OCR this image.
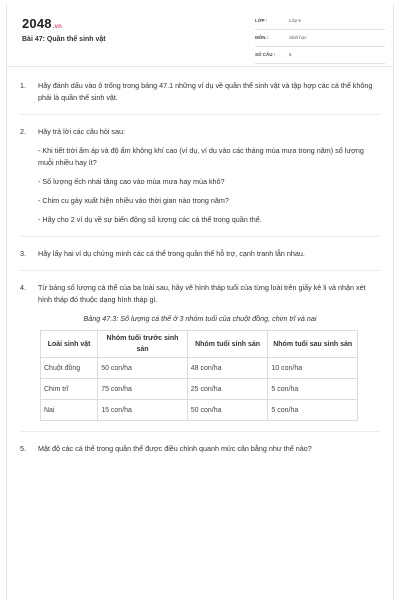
2048.vn
Bài 47: Quần thể sinh vật
LỚP :	Lớp 9
MÔN :	Sinh học
SỐ CÂU :	5
1. Hãy đánh dấu vào ô trống trong bảng 47.1 những ví dụ về quần thể sinh vật và tập hợp các cá thể không phải là quần thể sinh vật.
2. Hãy trả lời các câu hỏi sau:
- Khi tiết trời ấm áp và độ ẩm không khí cao (ví dụ, ví dụ vào các tháng mùa mưa trong năm) số lượng muỗi nhiều hay ít?
- Số lượng ếch nhái tăng cao vào mùa mưa hay mùa khô?
- Chim cu gáy xuất hiện nhiều vào thời gian nào trong năm?
- Hãy cho 2 ví dụ về sự biến động số lượng các cá thể trong quần thể.
3. Hãy lấy hai ví dụ chứng minh các cá thể trong quần thể hỗ trợ, cạnh tranh lẫn nhau.
4. Từ bảng số lượng cá thể của ba loài sau, hãy vẽ hình tháp tuổi của từng loài trên giấy kẻ li và nhận xét hình tháp đó thuộc dạng hình tháp gì.
Bảng 47.3: Số lượng cá thể ở 3 nhóm tuổi của chuột đồng, chim trĩ và nai
Loài sinh vật	Nhóm tuổi trước sinh sản	Nhóm tuổi sinh sản	Nhóm tuổi sau sinh sản
Chuột đồng	50 con/ha	48 con/ha	10 con/ha
Chim trĩ	75 con/ha	25 con/ha	5 con/ha
Nai	15 con/ha	50 con/ha	5 con/ha
5. Mật độ các cá thể trong quần thể được điều chỉnh quanh mức cân bằng như thế nào?
